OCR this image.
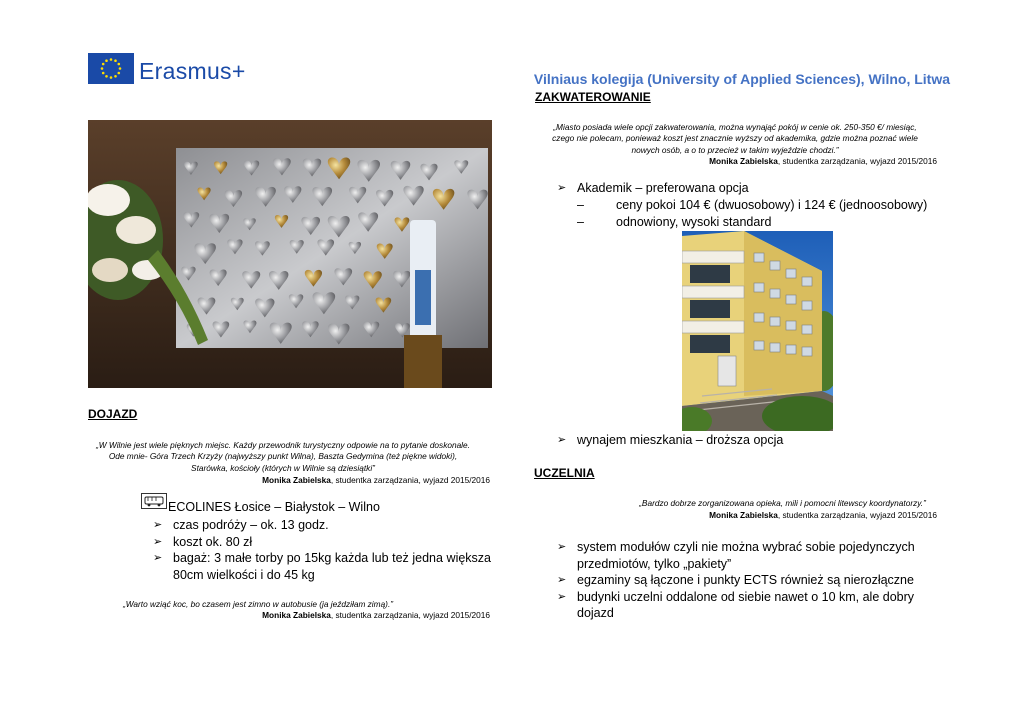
Erasmus+	Vilniaus kolegija (University of Applied Sciences), Wilno, Litwa
ZAKWATEROWANIE
„Miasto posiada wiele opcji zakwaterowania, można wynająć pokój w cenie ok. 250-350 €/ miesiąc,
czego nie polecam, ponieważ koszt jest znacznie wyższy od akademika, gdzie można poznać wiele
nowych osób, a o to przecież w takim wyjeździe chodzi.”
Monika Zabielska, studentka zarządzania, wyjazd 2015/2016
➢ Akademik – preferowana opcja
–	ceny pokoi 104 € (dwuosobowy) i 124 € (jednoosobowy)
–	odnowiony, wysoki standard
➢ wynajem mieszkania – droższa opcja
UCZELNIA
„Bardzo dobrze zorganizowana opieka, mili i pomocni litewscy koordynatorzy.”
Monika Zabielska, studentka zarządzania, wyjazd 2015/2016
➢ system modułów czyli nie można wybrać sobie pojedynczych przedmiotów, tylko „pakiety”
➢ egzaminy są łączone i punkty ECTS również są nierozłączne
➢ budynki uczelni oddalone od siebie nawet o 10 km, ale dobry dojazd
DOJAZD
„W Wilnie jest wiele pięknych miejsc. Każdy przewodnik turystyczny odpowie na to pytanie doskonale.
Ode mnie- Góra Trzech Krzyży (najwyższy punkt Wilna), Baszta Gedymina (też piękne widoki),
Starówka, kościoły (których w Wilnie są dziesiątki”
Monika Zabielska, studentka zarządzania, wyjazd 2015/2016
ECOLINES Łosice – Białystok – Wilno
➢ czas podróży – ok. 13 godz.
➢ koszt ok. 80 zł
➢ bagaż: 3 małe torby po 15kg każda lub też jedna większa 80cm wielkości i do 45 kg
„Warto wziąć koc, bo czasem jest zimno w autobusie (ja jeździłam zimą).”
Monika Zabielska, studentka zarządzania, wyjazd 2015/2016
